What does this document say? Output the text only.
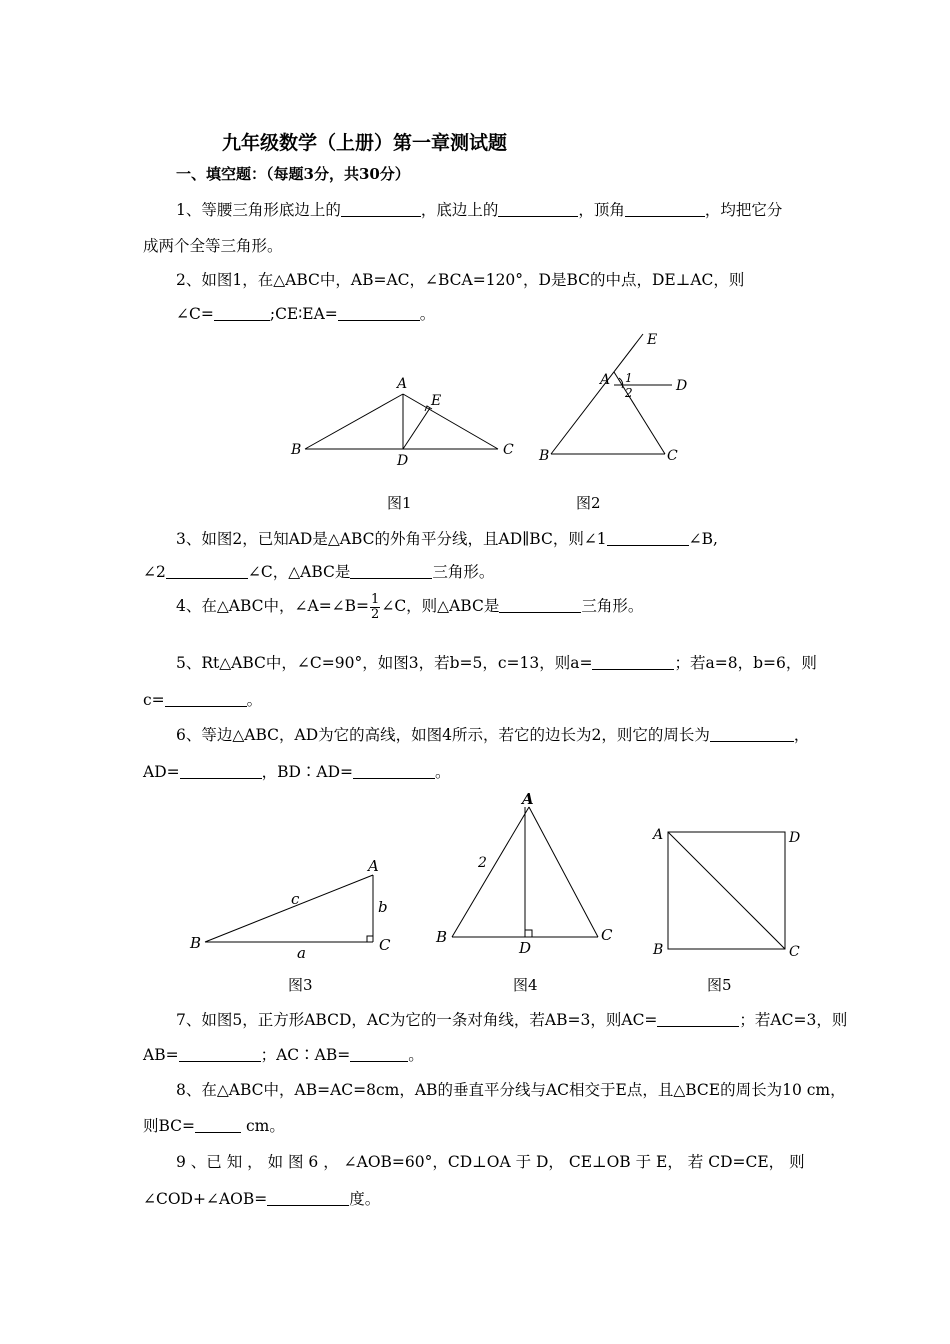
九年级数学（上册）第一章测试题
一、填空题：（每题3分，共30分）
1、等腰三角形底边上的	，底边上的	，顶角	，均把它分
成两个全等三角形。
2、如图1，在△ABC中，AB=AC，∠BCA=120°，D是BC的中点，DE⊥AC，则
∠C=	;CE∶EA=	。
A
E
B	C
D
图1
E
A 1
2	D
B	C
图2
3、如图2，已知AD是△ABC的外角平分线，且AD∥BC，则∠1	∠B,
∠2	∠C，△ABC是	三角形。
4、在△ABC中，∠A=∠B= $\frac{1}{2}$ ∠C，则△ABC是	三角形。
5、Rt△ABC中，∠C=90°，如图3，若b=5，c=13，则a=	；若a=8，b=6，则
c=	。
6、等边△ABC，AD为它的高线，如图4所示，若它的边长为2，则它的周长为	，
AD=	，BD∶AD=	。
A
B	C
c	b
a
图3
A
2
B
D
C
图4
A	D
B	C
图5
7、如图5，正方形ABCD，AC为它的一条对角线，若AB=3，则AC=	；若AC=3，则
AB=	；AC∶AB=	。
8、在△ABC中，AB=AC=8cm，AB的垂直平分线与AC相交于E点，且△BCE的周长为10 cm，
则BC=	cm。
9 、已 知 ， 如 图 6 ， ∠AOB=60°，CD⊥OA 于 D， CE⊥OB 于 E， 若 CD=CE， 则
∠COD+∠AOB=	度。
